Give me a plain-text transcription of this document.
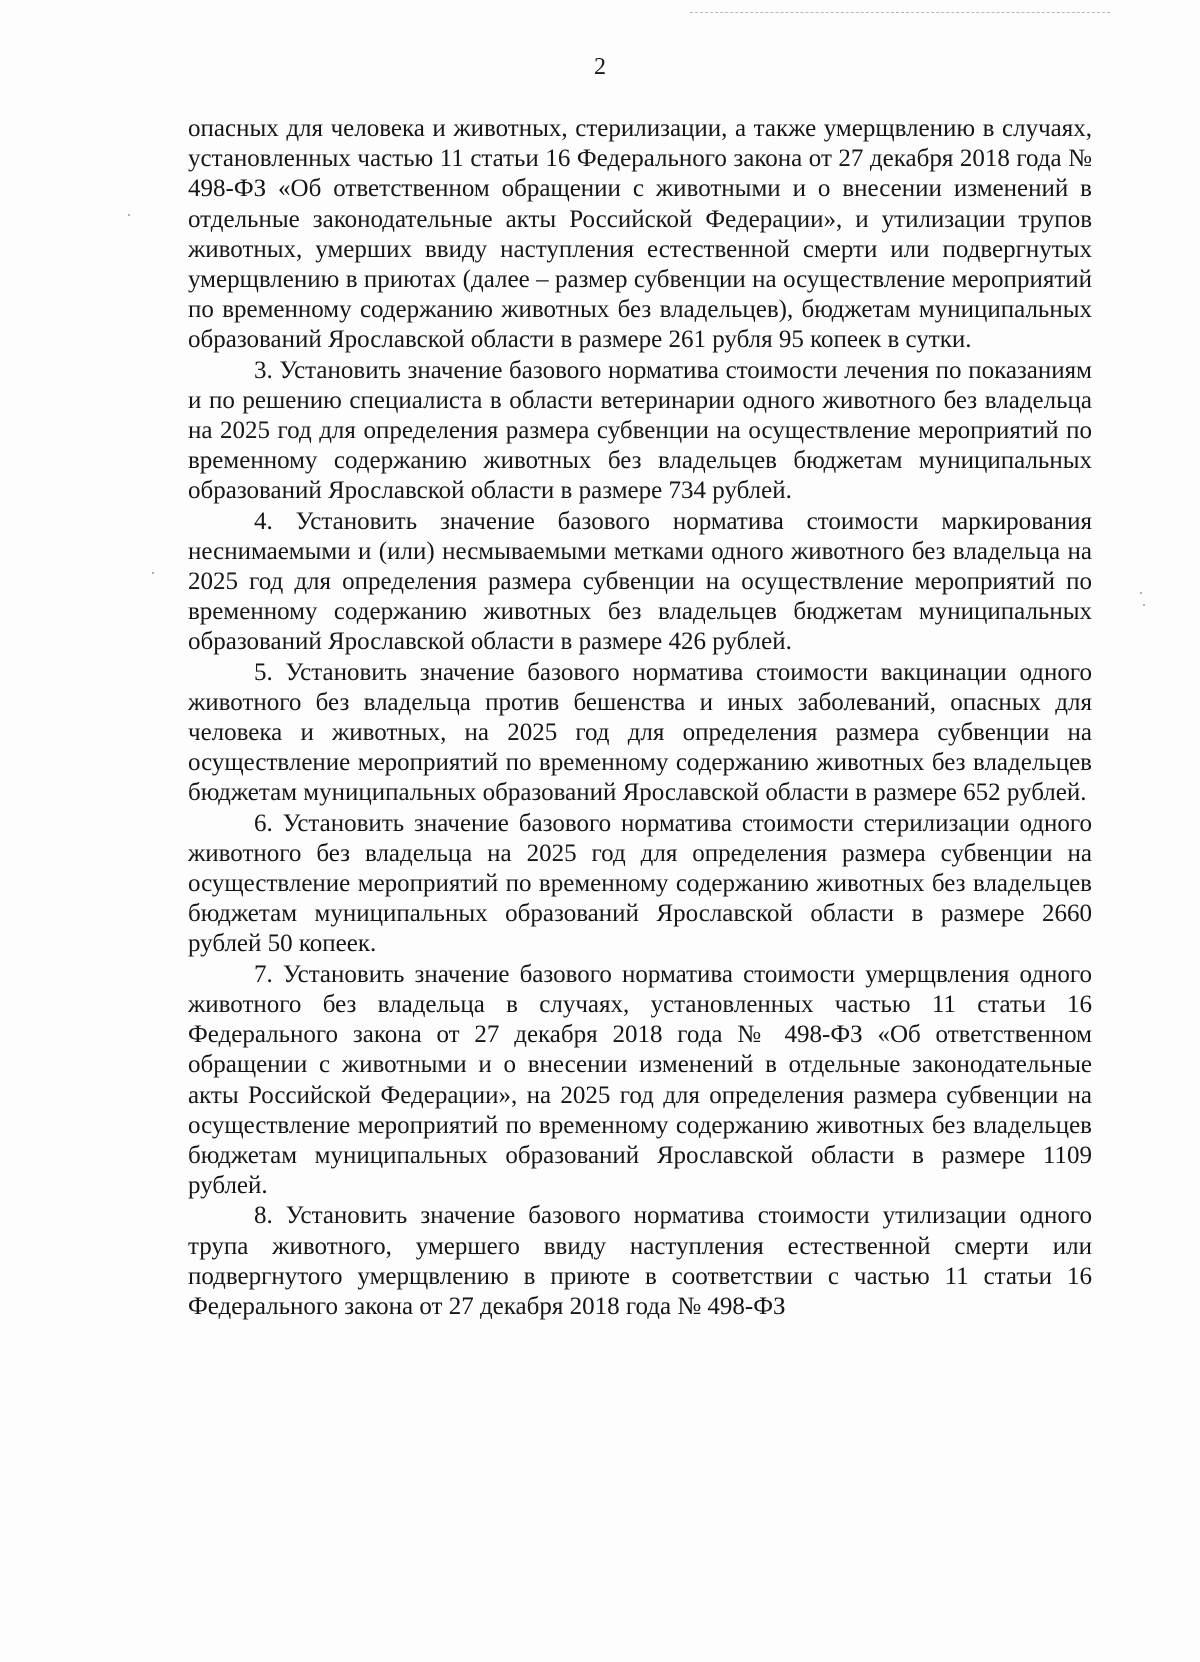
2

опасных для человека и животных, стерилизации, а также умерщвлению в случаях, установленных частью 11 статьи 16 Федерального закона от 27 декабря 2018 года № 498-ФЗ «Об ответственном обращении с животными и о внесении изменений в отдельные законодательные акты Российской Федерации», и утилизации трупов животных, умерших ввиду наступления естественной смерти или подвергнутых умерщвлению в приютах (далее – размер субвенции на осуществление мероприятий по временному содержанию животных без владельцев), бюджетам муниципальных образований Ярославской области в размере 261 рубля 95 копеек в сутки.

3. Установить значение базового норматива стоимости лечения по показаниям и по решению специалиста в области ветеринарии одного животного без владельца на 2025 год для определения размера субвенции на осуществление мероприятий по временному содержанию животных без владельцев бюджетам муниципальных образований Ярославской области в размере 734 рублей.

4. Установить значение базового норматива стоимости маркирования неснимаемыми и (или) несмываемыми метками одного животного без владельца на 2025 год для определения размера субвенции на осуществление мероприятий по временному содержанию животных без владельцев бюджетам муниципальных образований Ярославской области в размере 426 рублей.

5. Установить значение базового норматива стоимости вакцинации одного животного без владельца против бешенства и иных заболеваний, опасных для человека и животных, на 2025 год для определения размера субвенции на осуществление мероприятий по временному содержанию животных без владельцев бюджетам муниципальных образований Ярославской области в размере 652 рублей.

6. Установить значение базового норматива стоимости стерилизации одного животного без владельца на 2025 год для определения размера субвенции на осуществление мероприятий по временному содержанию животных без владельцев бюджетам муниципальных образований Ярославской области в размере 2660 рублей 50 копеек.

7. Установить значение базового норматива стоимости умерщвления одного животного без владельца в случаях, установленных частью 11 статьи 16 Федерального закона от 27 декабря 2018 года № 498-ФЗ «Об ответственном обращении с животными и о внесении изменений в отдельные законодательные акты Российской Федерации», на 2025 год для определения размера субвенции на осуществление мероприятий по временному содержанию животных без владельцев бюджетам муниципальных образований Ярославской области в размере 1109 рублей.

8. Установить значение базового норматива стоимости утилизации одного трупа животного, умершего ввиду наступления естественной смерти или подвергнутого умерщвлению в приюте в соответствии с частью 11 статьи 16 Федерального закона от 27 декабря 2018 года № 498-ФЗ
